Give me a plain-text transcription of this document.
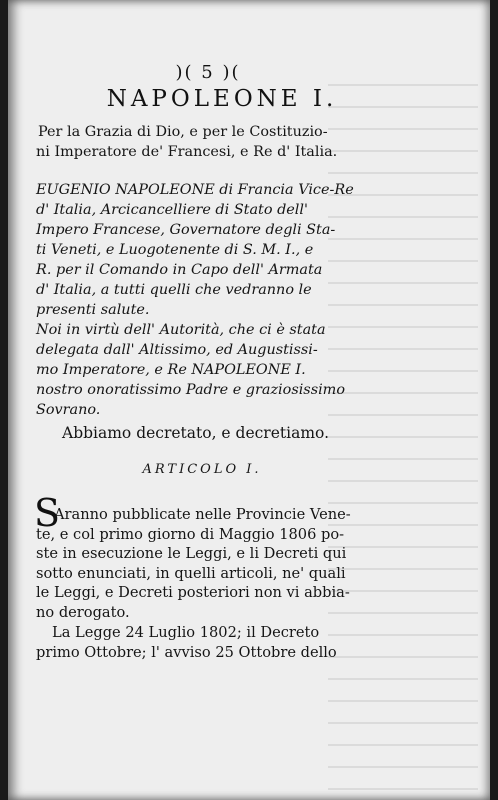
)( 5 )(
NAPOLEONE I.
Per la Grazia di Dio, e per le Costituzio-
ni Imperatore de' Francesi, e Re d' Italia.
EUGENIO NAPOLEONE di Francia Vice-Re
d' Italia, Arcicancelliere di Stato dell'
Impero Francese, Governatore degli Sta-
ti Veneti, e Luogotenente di S. M. I., e
R. per il Comando in Capo dell' Armata
d' Italia, a tutti quelli che vedranno le
presenti salute.
Noi in virtù dell' Autorità, che ci è stata
delegata dall' Altissimo, ed Augustissi-
mo Imperatore, e Re NAPOLEONE I.
nostro onoratissimo Padre e graziosissimo
Sovrano.
Abbiamo decretato, e decretiamo.
ARTICOLO I.
S
Aranno pubblicate nelle Provincie Vene-
te, e col primo giorno di Maggio 1806 po-
ste in esecuzione le Leggi, e li Decreti qui
sotto enunciati, in quelli articoli, ne' quali
le Leggi, e Decreti posteriori non vi abbia-
no derogato.
La Legge 24 Luglio 1802; il Decreto
primo Ottobre; l' avviso 25 Ottobre dello
